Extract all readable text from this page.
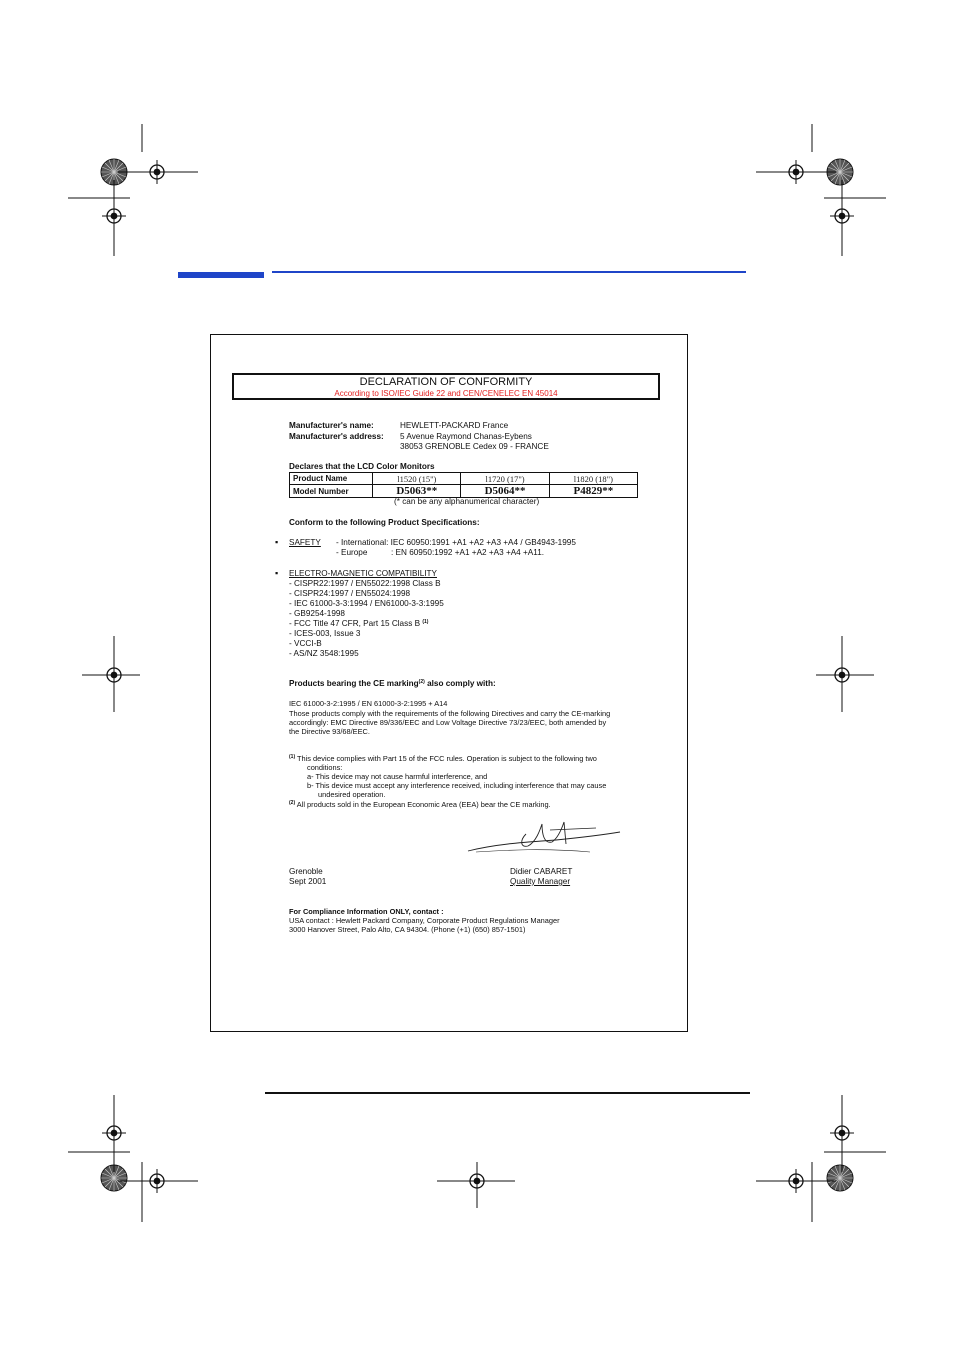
DECLARATION OF CONFORMITY
According to ISO/IEC Guide 22 and CEN/CENELEC EN 45014
Manufacturer's name:	HEWLETT-PACKARD France
Manufacturer's address: 5 Avenue Raymond Chanas-Eybens
38053 GRENOBLE Cedex 09 - FRANCE
Declares that the LCD Color Monitors
Product Name	l1520 (15")	l1720 (17")	l1820 (18")
Model Number	D5063**	D5064**	P4829**
(* can be any alphanumerical character)
Conform to the following Product Specifications:
▪ SAFETY - International: IEC 60950:1991 +A1 +A2 +A3 +A4 / GB4943-1995
- Europe	: EN 60950:1992 +A1 +A2 +A3 +A4 +A11.
▪ ELECTRO-MAGNETIC COMPATIBILITY
- CISPR22:1997 / EN55022:1998 Class B
- CISPR24:1997 / EN55024:1998
- IEC 61000-3-3:1994 / EN61000-3-3:1995
- GB9254-1998
- FCC Title 47 CFR, Part 15 Class B $^{(1)}$
- ICES-003, Issue 3
- VCCI-B
- AS/NZ 3548:1995
Products bearing the CE marking$^{(2)}$ also comply with:
IEC 61000-3-2:1995 / EN 61000-3-2:1995 + A14
Those products comply with the requirements of the following Directives and carry the CE-marking
accordingly: EMC Directive 89/336/EEC and Low Voltage Directive 73/23/EEC, both amended by
the Directive 93/68/EEC.
$^{(1)}$ This device complies with Part 15 of the FCC rules. Operation is subject to the following two
conditions:
a- This device may not cause harmful interference, and
b- This device must accept any interference received, including interference that may cause
undesired operation.
$^{(2)}$ All products sold in the European Economic Area (EEA) bear the CE marking.
Grenoble
Sept 2001
Didier CABARET
Quality Manager
For Compliance Information ONLY, contact :
USA contact : Hewlett Packard Company, Corporate Product Regulations Manager
3000 Hanover Street, Palo Alto, CA 94304. (Phone (+1) (650) 857-1501)
